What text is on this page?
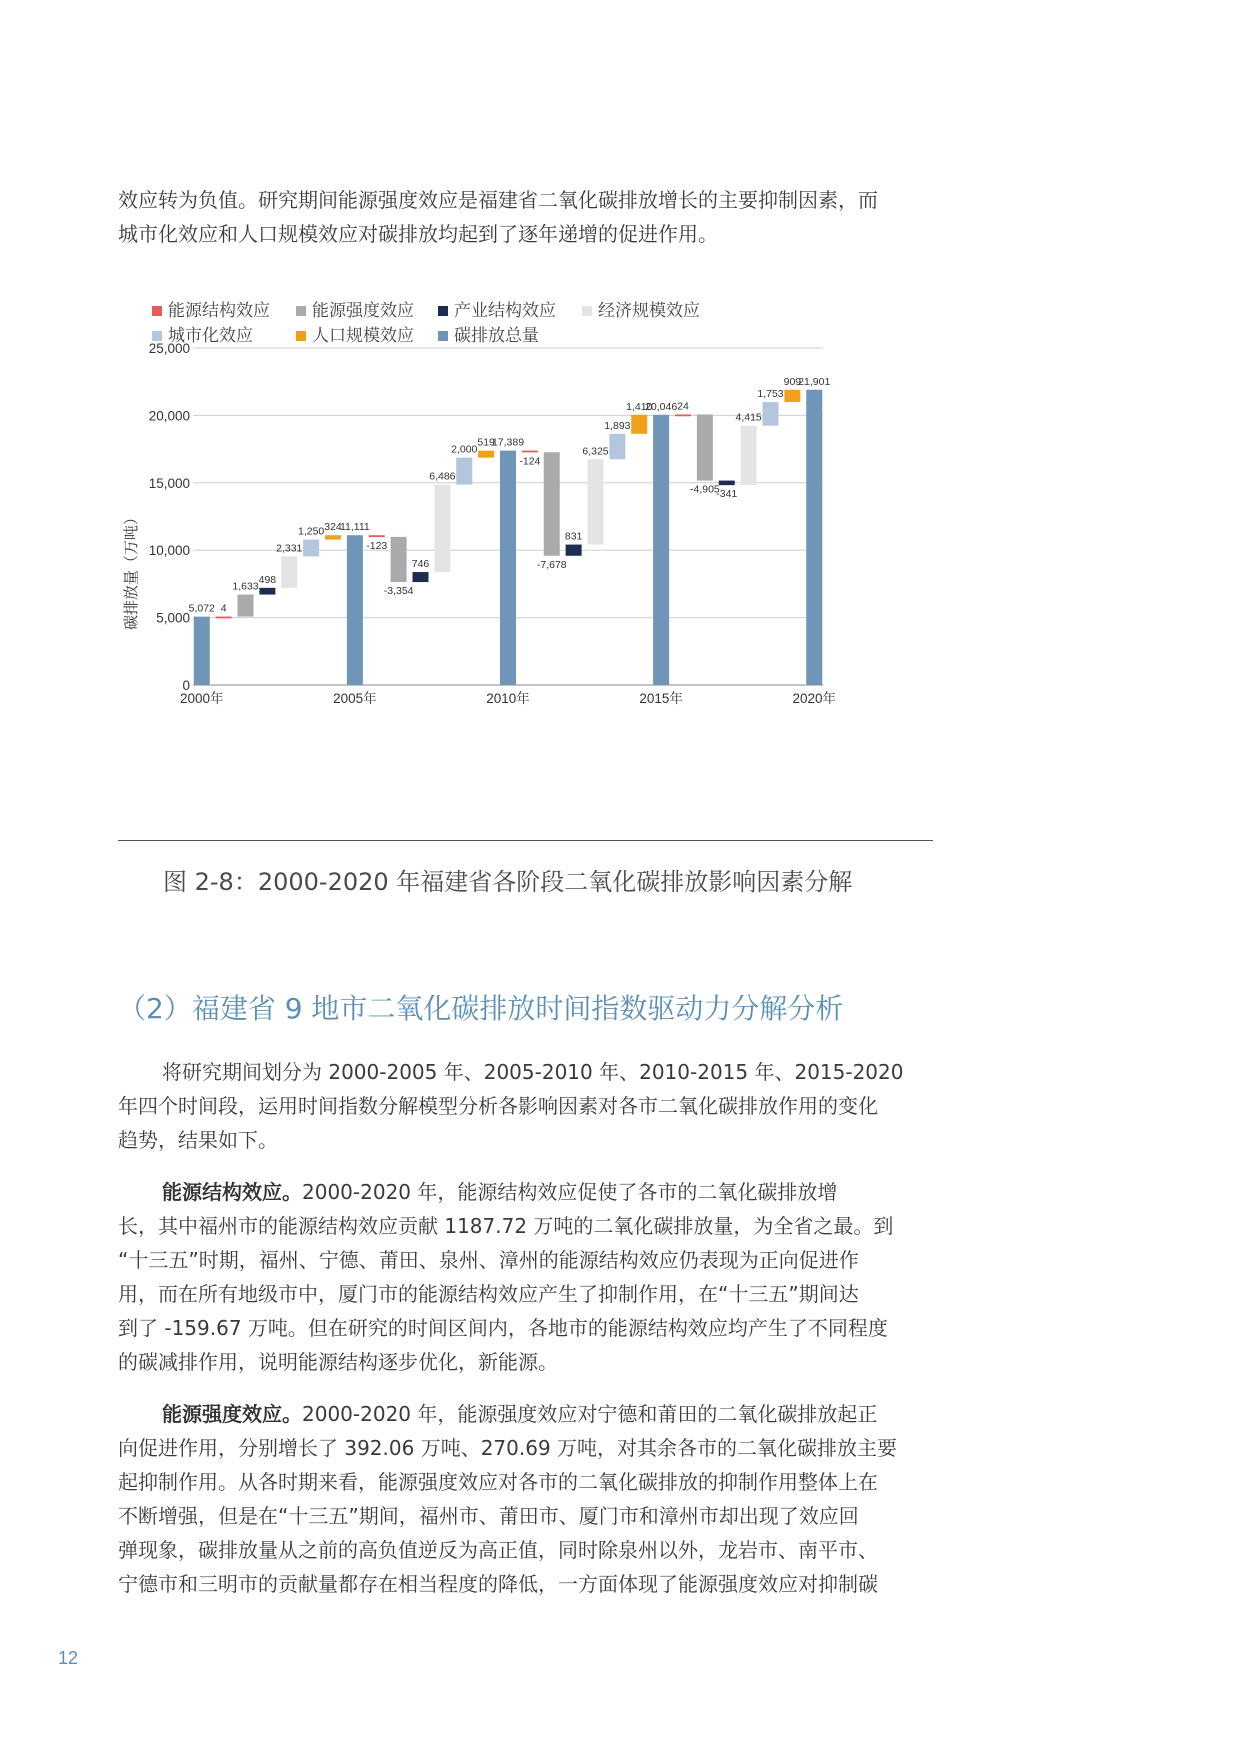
效应转为负值。研究期间能源强度效应是福建省二氧化碳排放增长的主要抑制因素，而
城市化效应和人口规模效应对碳排放均起到了逐年递增的促进作用。

能源结构效应 能源强度效应 产业结构效应 经济规模效应
城市化效应	人口规模效应 碳排放总量
碳排放量（万吨）
0
5,000
10,000
15,000
20,000
25,000
5,072 4
1,633
498
2,331
1,250 324
11,111
-123
-3,354
746
6,486
2,000
519
17,389
-124
-7,678
831
6,325
1,893
1,410
20,046 24
-4,905
-341
4,415
1,753
909
21,901
2000年	2005年	2010年	2015年	2020年
图 2-8：2000-2020 年福建省各阶段二氧化碳排放影响因素分解
（2）福建省 9 地市二氧化碳排放时间指数驱动力分解分析

将研究期间划分为 2000-2005 年、2005-2010 年、2010-2015 年、2015-2020
年四个时间段，运用时间指数分解模型分析各影响因素对各市二氧化碳排放作用的变化
趋势，结果如下。

能源结构效应。2000-2020 年，能源结构效应促使了各市的二氧化碳排放增
长，其中福州市的能源结构效应贡献 1187.72 万吨的二氧化碳排放量，为全省之最。到
“十三五”时期，福州、宁德、莆田、泉州、漳州的能源结构效应仍表现为正向促进作
用，而在所有地级市中，厦门市的能源结构效应产生了抑制作用，在“十三五”期间达
到了 -159.67 万吨。但在研究的时间区间内，各地市的能源结构效应均产生了不同程度
的碳减排作用，说明能源结构逐步优化，新能源。

能源强度效应。2000-2020 年，能源强度效应对宁德和莆田的二氧化碳排放起正
向促进作用，分别增长了 392.06 万吨、270.69 万吨，对其余各市的二氧化碳排放主要
起抑制作用。从各时期来看，能源强度效应对各市的二氧化碳排放的抑制作用整体上在
不断增强，但是在“十三五”期间，福州市、莆田市、厦门市和漳州市却出现了效应回
弹现象，碳排放量从之前的高负值逆反为高正值，同时除泉州以外，龙岩市、南平市、
宁德市和三明市的贡献量都存在相当程度的降低，一方面体现了能源强度效应对抑制碳

12
